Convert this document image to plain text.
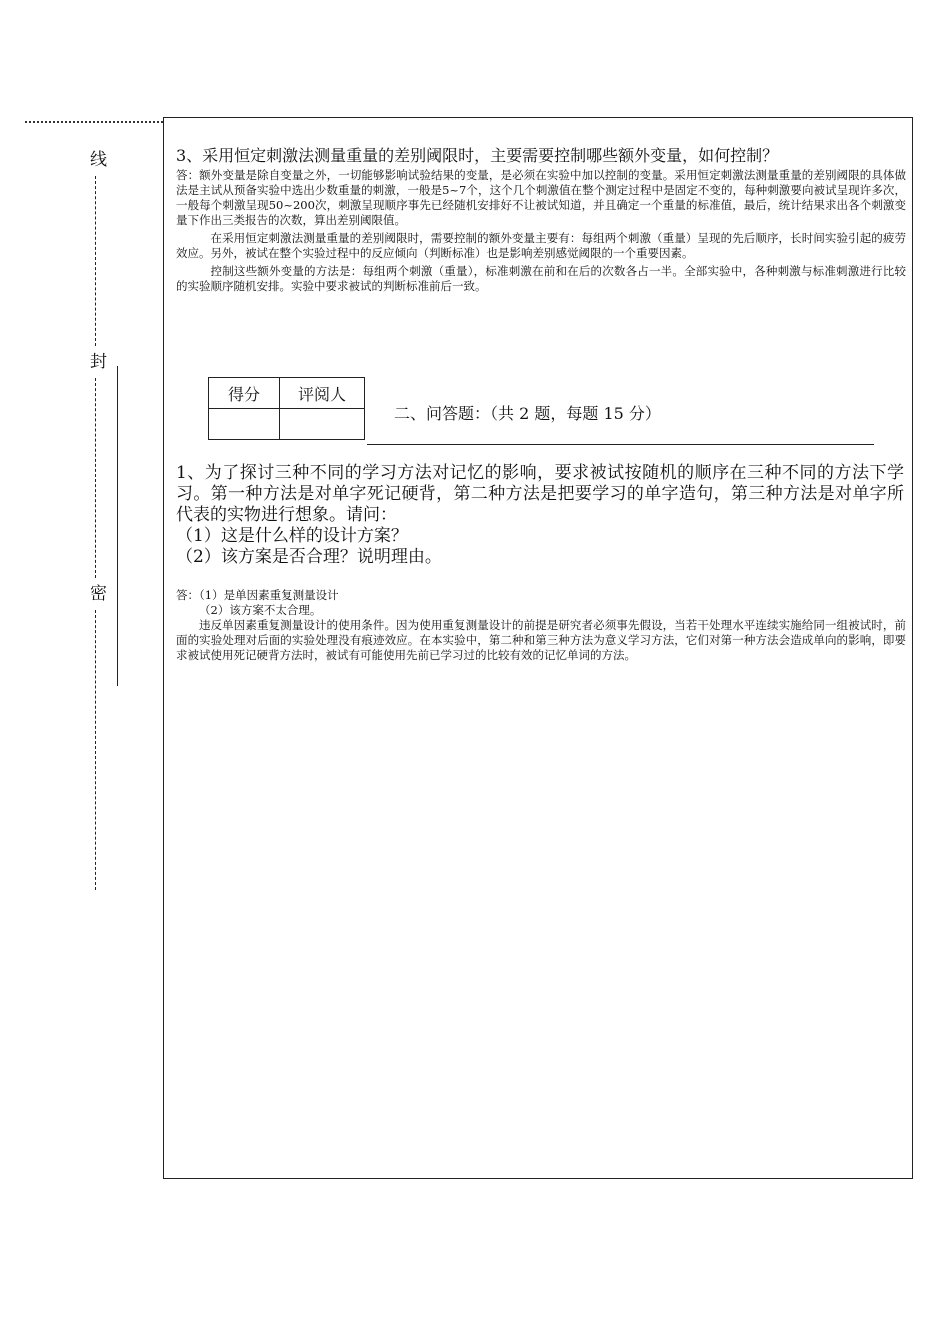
线
封
密

3、采用恒定刺激法测量重量的差别阈限时，主要需要控制哪些额外变量，如何控制？

答：额外变量是除自变量之外，一切能够影响试验结果的变量，是必须在实验中加以控制的变量。采用恒定刺激法测量重量的差别阈限的具体做法是主试从预备实验中选出少数重量的刺激，一般是5~7个，这个几个刺激值在整个测定过程中是固定不变的，每种刺激要向被试呈现许多次，一般每个刺激呈现50~200次，刺激呈现顺序事先已经随机安排好不让被试知道，并且确定一个重量的标准值，最后，统计结果求出各个刺激变量下作出三类报告的次数，算出差别阈限值。

在采用恒定刺激法测量重量的差别阈限时，需要控制的额外变量主要有：每组两个刺激（重量）呈现的先后顺序，长时间实验引起的疲劳效应。另外，被试在整个实验过程中的反应倾向（判断标准）也是影响差别感觉阈限的一个重要因素。

控制这些额外变量的方法是：每组两个刺激（重量），标准刺激在前和在后的次数各占一半。全部实验中，各种刺激与标准刺激进行比较的实验顺序随机安排。实验中要求被试的判断标准前后一致。

得分	评阅人

二、问答题：（共 2 题，每题 15 分）

1、为了探讨三种不同的学习方法对记忆的影响，要求被试按随机的顺序在三种不同的方法下学习。第一种方法是对单字死记硬背，第二种方法是把要学习的单字造句，第三种方法是对单字所代表的实物进行想象。请问：

（1）这是什么样的设计方案？

（2）该方案是否合理？说明理由。

答：（1）是单因素重复测量设计

（2）该方案不太合理。

违反单因素重复测量设计的使用条件。因为使用重复测量设计的前提是研究者必须事先假设，当若干处理水平连续实施给同一组被试时，前面的实验处理对后面的实验处理没有痕迹效应。在本实验中，第二种和第三种方法为意义学习方法，它们对第一种方法会造成单向的影响，即要求被试使用死记硬背方法时，被试有可能使用先前已学习过的比较有效的记忆单词的方法。
